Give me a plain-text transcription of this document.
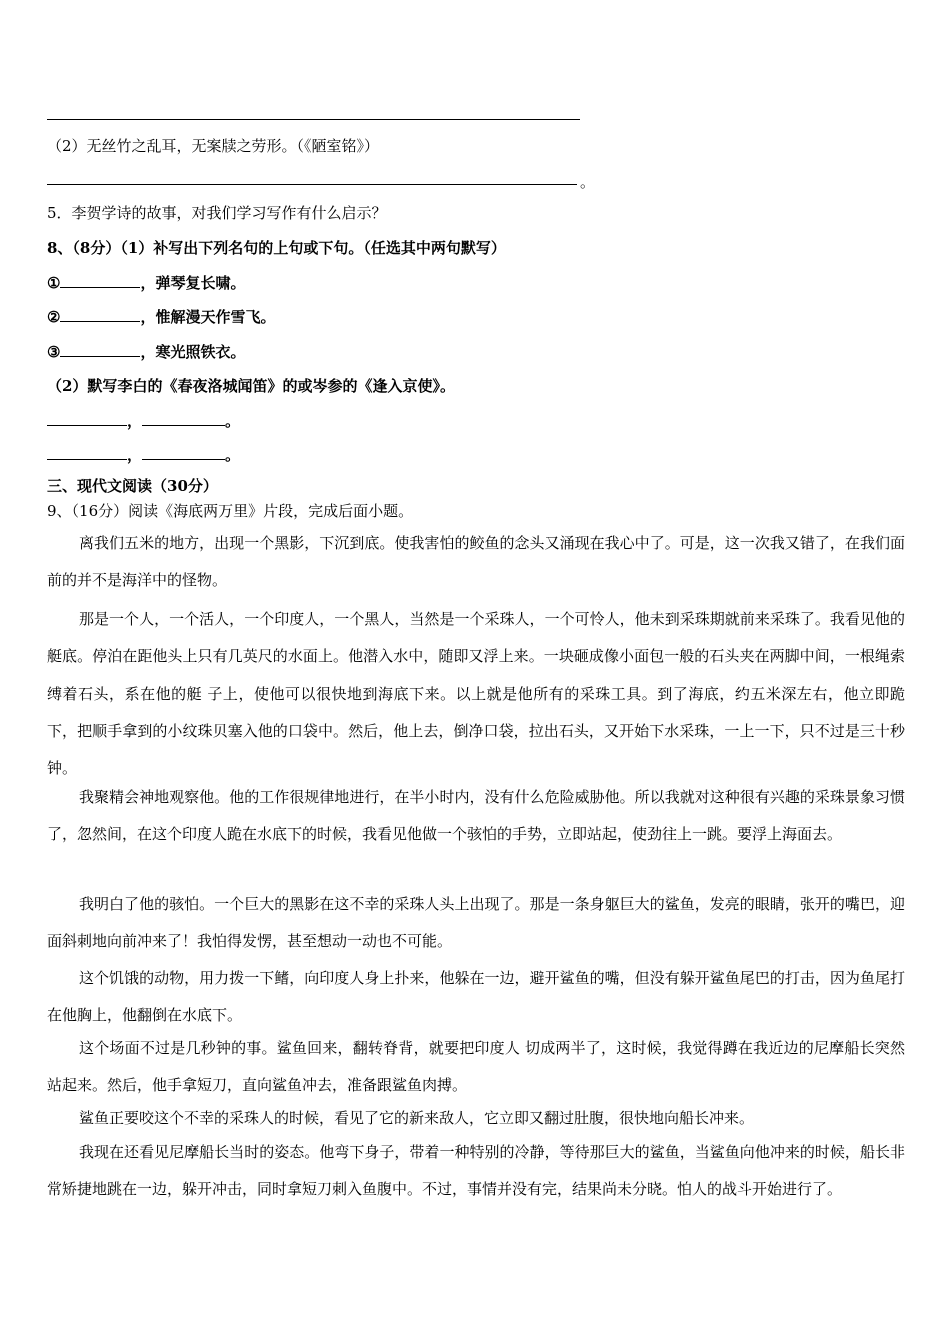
（2）无丝竹之乱耳，无案牍之劳形。（《陋室铭》）
。
5．李贺学诗的故事，对我们学习写作有什么启示？
8、（8分）（1）补写出下列名句的上句或下句。（任选其中两句默写）
①	，弹琴复长啸。
②	，惟解漫天作雪飞。
③	，寒光照铁衣。
（2）默写李白的《春夜洛城闻笛》的或岑参的《逢入京使》。
，	。
，	。
三、现代文阅读（30分）
9、（16分）阅读《海底两万里》片段，完成后面小题。
离我们五米的地方，出现一个黑影，下沉到底。使我害怕的鲛鱼的念头又涌现在我心中了。可是，这一次我又错了，在我们面前的并不是海洋中的怪物。
那是一个人，一个活人，一个印度人，一个黑人，当然是一个采珠人，一个可怜人，他未到采珠期就前来采珠了。我看见他的艇底。停泊在距他头上只有几英尺的水面上。他潜入水中，随即又浮上来。一块砸成像小面包一般的石头夹在两脚中间，一根绳索缚着石头，系在他的艇 子上，使他可以很快地到海底下来。以上就是他所有的采珠工具。到了海底，约五米深左右，他立即跪下，把顺手拿到的小纹珠贝塞入他的口袋中。然后，他上去，倒净口袋，拉出石头，又开始下水采珠，一上一下，只不过是三十秒钟。
我聚精会神地观察他。他的工作很规律地进行，在半小时内，没有什么危险威胁他。所以我就对这种很有兴趣的采珠景象习惯了，忽然间，在这个印度人跪在水底下的时候，我看见他做一个骇怕的手势，立即站起，使劲往上一跳。要浮上海面去。
我明白了他的骇怕。一个巨大的黑影在这不幸的采珠人头上出现了。那是一条身躯巨大的鲨鱼，发亮的眼睛，张开的嘴巴，迎面斜刺地向前冲来了！我怕得发愣，甚至想动一动也不可能。
这个饥饿的动物，用力拨一下鳍，向印度人身上扑来，他躲在一边，避开鲨鱼的嘴，但没有躲开鲨鱼尾巴的打击，因为鱼尾打在他胸上，他翻倒在水底下。
这个场面不过是几秒钟的事。鲨鱼回来，翻转脊背，就要把印度人 切成两半了，这时候，我觉得蹲在我近边的尼摩船长突然站起来。然后，他手拿短刀，直向鲨鱼冲去，准备跟鲨鱼肉搏。
鲨鱼正要咬这个不幸的采珠人的时候，看见了它的新来敌人，它立即又翻过肚腹，很快地向船长冲来。
我现在还看见尼摩船长当时的姿态。他弯下身子，带着一种特别的冷静，等待那巨大的鲨鱼，当鲨鱼向他冲来的时候，船长非常矫捷地跳在一边，躲开冲击，同时拿短刀刺入鱼腹中。不过，事情并没有完，结果尚未分晓。怕人的战斗开始进行了。
